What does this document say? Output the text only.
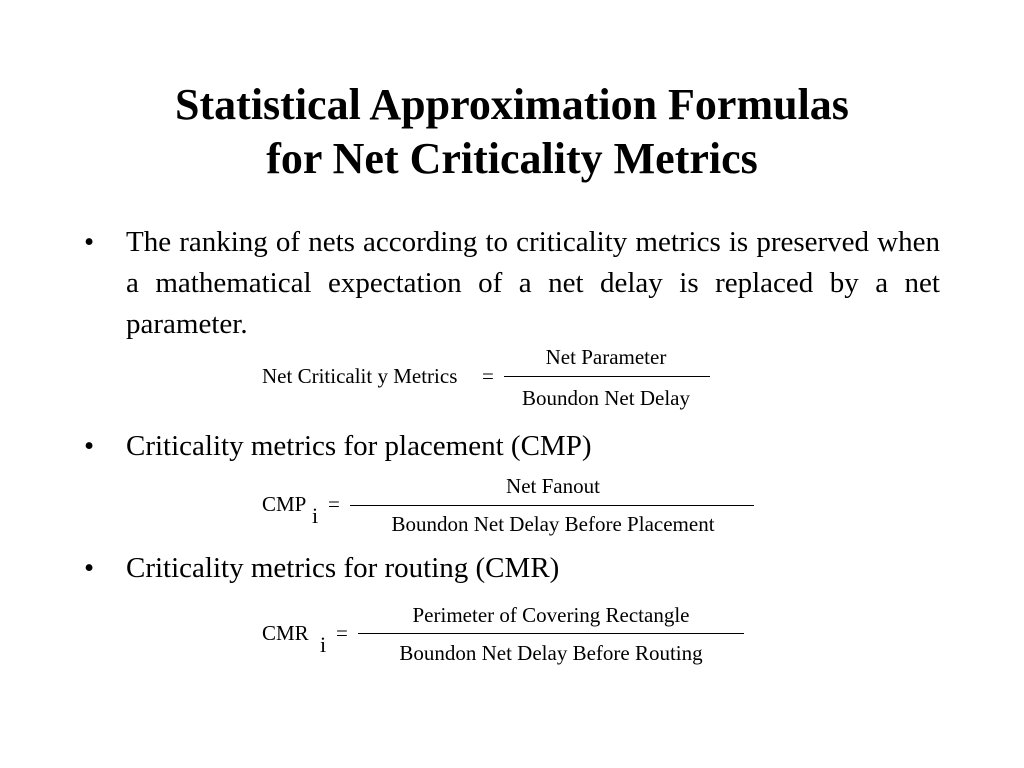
Statistical Approximation Formulas
for Net Criticality Metrics
•	The ranking of nets according to criticality metrics is preserved when a mathematical expectation of a net delay is replaced by a net parameter.
Net Criticalit y Metrics =
Net Parameter
Boundon Net Delay
•	Criticality metrics for placement (CMP)
CMP i =
Net Fanout
Boundon Net Delay Before Placement
•	Criticality metrics for routing (CMR)
CMR i =
Perimeter of Covering Rectangle
Boundon Net Delay Before Routing
